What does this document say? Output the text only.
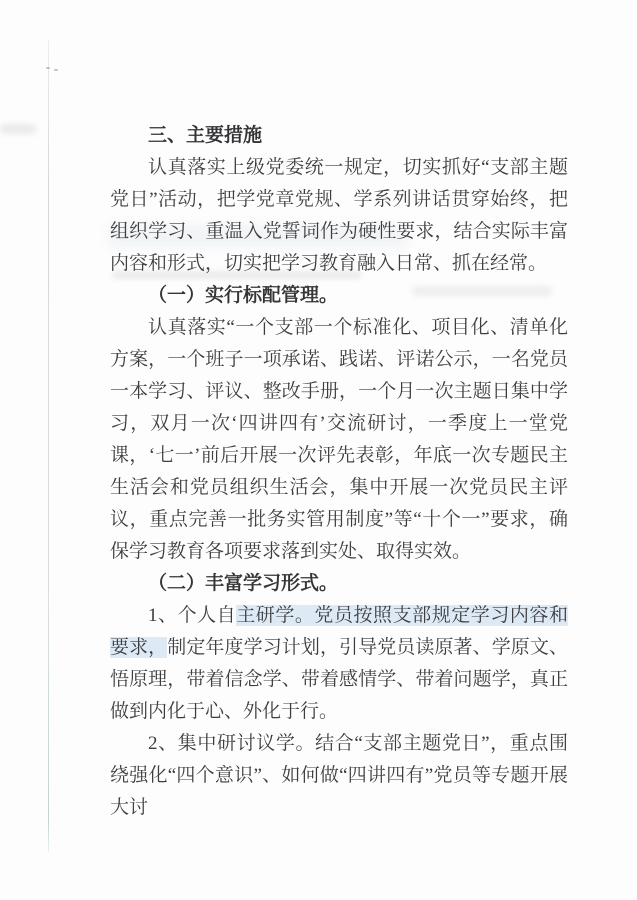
三、主要措施

认真落实上级党委统一规定，切实抓好“支部主题党日”活动，把学党章党规、学系列讲话贯穿始终，把组织学习、重温入党誓词作为硬性要求，结合实际丰富内容和形式，切实把学习教育融入日常、抓在经常。

（一）实行标配管理。

认真落实“一个支部一个标准化、项目化、清单化方案，一个班子一项承诺、践诺、评诺公示，一名党员一本学习、评议、整改手册，一个月一次主题日集中学习，双月一次‘四讲四有’交流研讨，一季度上一堂党课，‘七一’前后开展一次评先表彰，年底一次专题民主生活会和党员组织生活会，集中开展一次党员民主评议，重点完善一批务实管用制度”等“十个一”要求，确保学习教育各项要求落到实处、取得实效。

（二）丰富学习形式。

1、个人自主研学。党员按照支部规定学习内容和要求，制定年度学习计划，引导党员读原著、学原文、悟原理，带着信念学、带着感情学、带着问题学，真正做到内化于心、外化于行。

2、集中研讨议学。结合“支部主题党日”，重点围绕强化“四个意识”、如何做“四讲四有”党员等专题开展大讨
